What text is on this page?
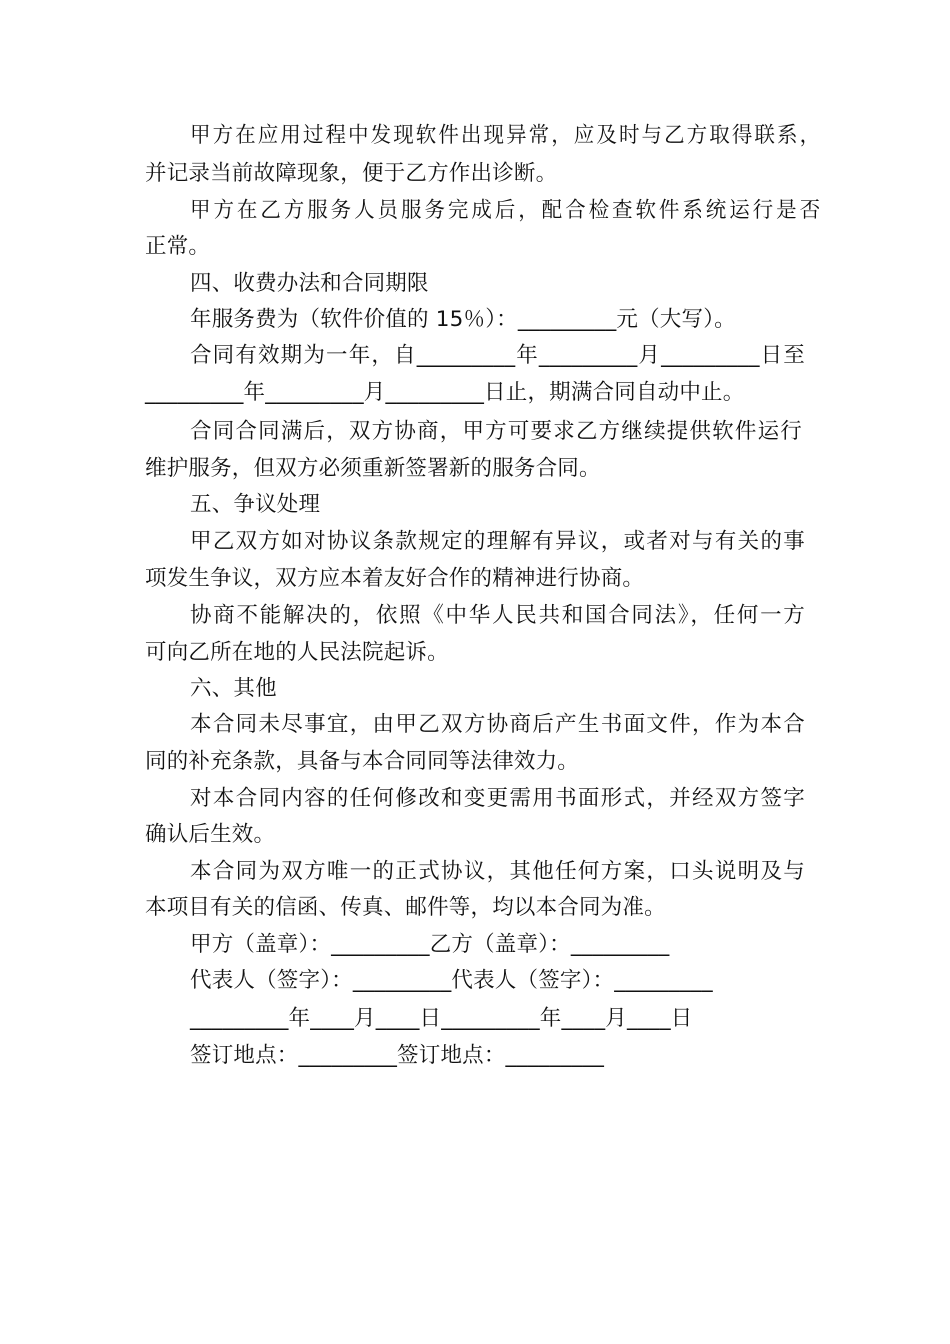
甲方在应用过程中发现软件出现异常，应及时与乙方取得联系，
并记录当前故障现象，便于乙方作出诊断。
甲方在乙方服务人员服务完成后，配合检查软件系统运行是否
正常。
四、收费办法和合同期限
年服务费为（软件价值的 15％）：_________元（大写）。
合同有效期为一年，自_________年_________月_________日至
_________年_________月_________日止，期满合同自动中止。
合同合同满后，双方协商，甲方可要求乙方继续提供软件运行
维护服务，但双方必须重新签署新的服务合同。
五、争议处理
甲乙双方如对协议条款规定的理解有异议，或者对与有关的事
项发生争议，双方应本着友好合作的精神进行协商。
协商不能解决的，依照《中华人民共和国合同法》，任何一方
可向乙所在地的人民法院起诉。
六、其他
本合同未尽事宜，由甲乙双方协商后产生书面文件，作为本合
同的补充条款，具备与本合同同等法律效力。
对本合同内容的任何修改和变更需用书面形式，并经双方签字
确认后生效。
本合同为双方唯一的正式协议，其他任何方案，口头说明及与
本项目有关的信函、传真、邮件等，均以本合同为准。
甲方（盖章）：_________乙方（盖章）：_________
代表人（签字）：_________代表人（签字）：_________
_________年____月____日_________年____月____日
签订地点：_________签订地点：_________
